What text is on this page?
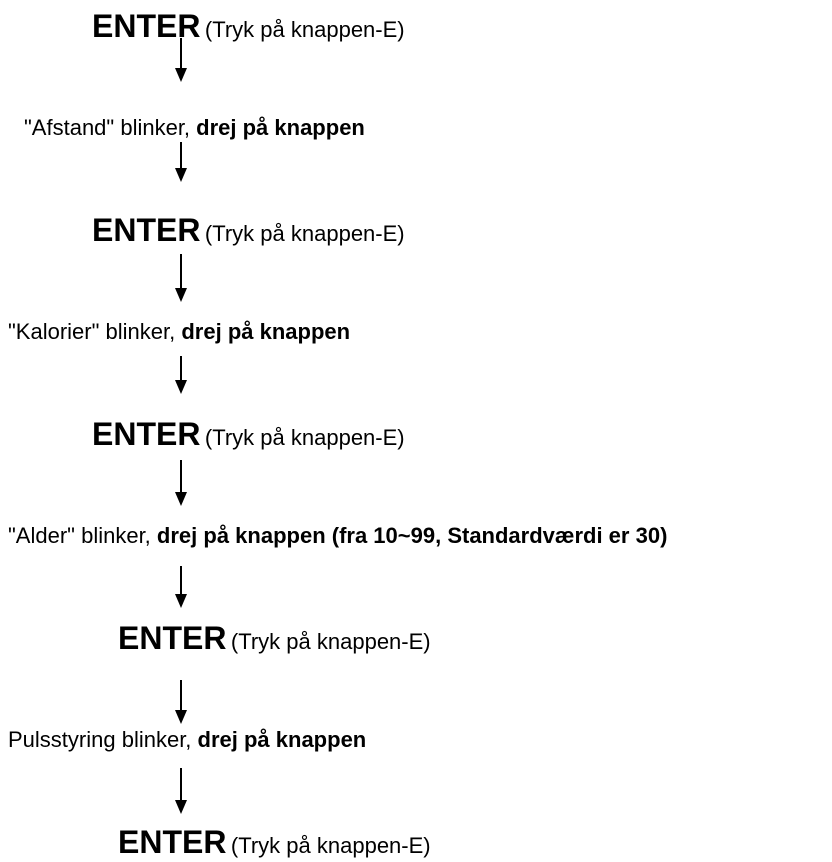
ENTER (Tryk på knappen-E)
"Afstand" blinker, drej på knappen
ENTER (Tryk på knappen-E)
"Kalorier" blinker, drej på knappen
ENTER (Tryk på knappen-E)
"Alder" blinker, drej på knappen (fra 10~99, Standardværdi er 30)
ENTER (Tryk på knappen-E)
Pulsstyring blinker, drej på knappen
ENTER (Tryk på knappen-E)
